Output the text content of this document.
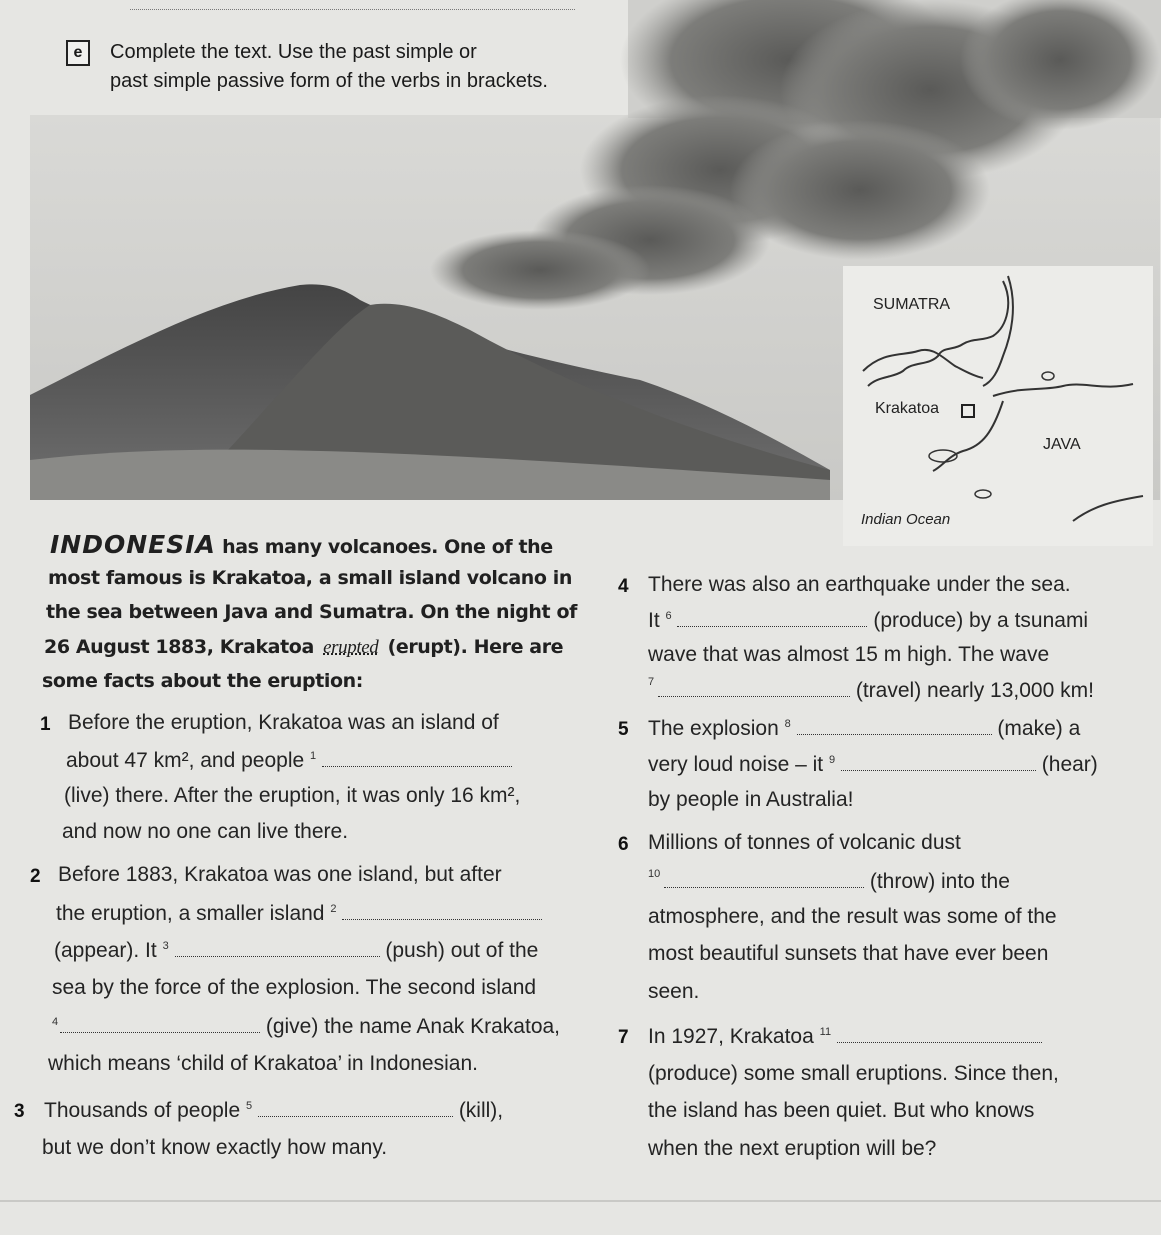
e	Complete the text. Use the past simple or
past simple passive form of the verbs in brackets.
SUMATRA
Krakatoa
JAVA
Indian Ocean
INDONESIA has many volcanoes. One of the
most famous is Krakatoa, a small island volcano in
the sea between Java and Sumatra. On the night of
26 August 1883, Krakatoa erupted (erupt). Here are
some facts about the eruption:
1 Before the eruption, Krakatoa was an island of
about 47 km², and people $^1$
(live) there. After the eruption, it was only 16 km²,
and now no one can live there.
2 Before 1883, Krakatoa was one island, but after
the eruption, a smaller island $^2$
(appear). It $^3$	(push) out of the
sea by the force of the explosion. The second island
4	(give) the name Anak Krakatoa,
which means ‘child of Krakatoa’ in Indonesian.
3 Thousands of people $^5$	(kill),
but we don’t know exactly how many.
4 There was also an earthquake under the sea.
It $^6$	(produce) by a tsunami
wave that was almost 15 m high. The wave
7	(travel) nearly 13,000 km!
5 The explosion $^8$	(make) a
very loud noise – it $^9$	(hear)
by people in Australia!
6 Millions of tonnes of volcanic dust
10	(throw) into the
atmosphere, and the result was some of the
most beautiful sunsets that have ever been
seen.
7 In 1927, Krakatoa $^{11}$
(produce) some small eruptions. Since then,
the island has been quiet. But who knows
when the next eruption will be?
